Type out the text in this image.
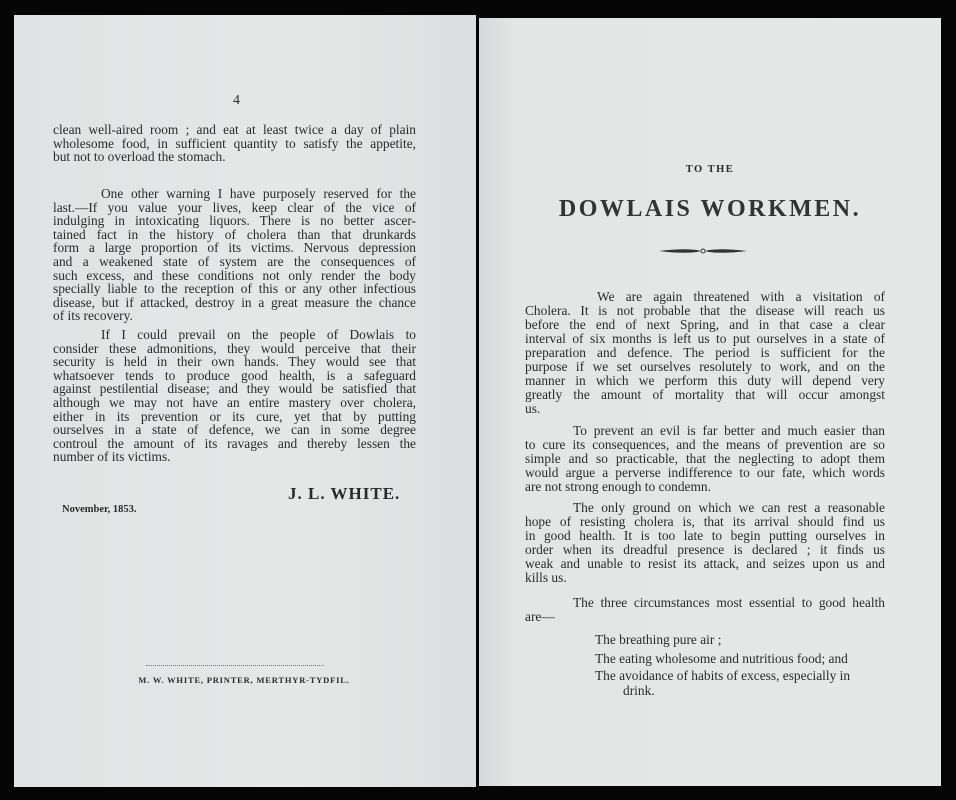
4
clean well-aired room ; and eat at least twice a day of plain
wholesome food, in sufficient quantity to satisfy the appetite,
but not to overload the stomach.
One other warning I have purposely reserved for the
last.—If you value your lives, keep clear of the vice of
indulging in intoxicating liquors. There is no better ascer-
tained fact in the history of cholera than that drunkards
form a large proportion of its victims. Nervous depression
and a weakened state of system are the consequences of
such excess, and these conditions not only render the body
specially liable to the reception of this or any other infectious
disease, but if attacked, destroy in a great measure the chance
of its recovery.
If I could prevail on the people of Dowlais to
consider these admonitions, they would perceive that their
security is held in their own hands. They would see that
whatsoever tends to produce good health, is a safeguard
against pestilential disease; and they would be satisfied that
although we may not have an entire mastery over cholera,
either in its prevention or its cure, yet that by putting
ourselves in a state of defence, we can in some degree
controul the amount of its ravages and thereby lessen the
number of its victims.
J. L. WHITE.
November, 1853.
M. W. WHITE, PRINTER, MERTHYR-TYDFIL.
TO THE
DOWLAIS WORKMEN.
We are again threatened with a visitation of
Cholera. It is not probable that the disease will reach us
before the end of next Spring, and in that case a clear
interval of six months is left us to put ourselves in a state of
preparation and defence. The period is sufficient for the
purpose if we set ourselves resolutely to work, and on the
manner in which we perform this duty will depend very
greatly the amount of mortality that will occur amongst
us.
To prevent an evil is far better and much easier than
to cure its consequences, and the means of prevention are so
simple and so practicable, that the neglecting to adopt them
would argue a perverse indifference to our fate, which words
are not strong enough to condemn.
The only ground on which we can rest a reasonable
hope of resisting cholera is, that its arrival should find us
in good health. It is too late to begin putting ourselves in
order when its dreadful presence is declared ; it finds us
weak and unable to resist its attack, and seizes upon us and
kills us.
The three circumstances most essential to good health
are—
The breathing pure air ;
The eating wholesome and nutritious food; and
The avoidance of habits of excess, especially in
drink.
